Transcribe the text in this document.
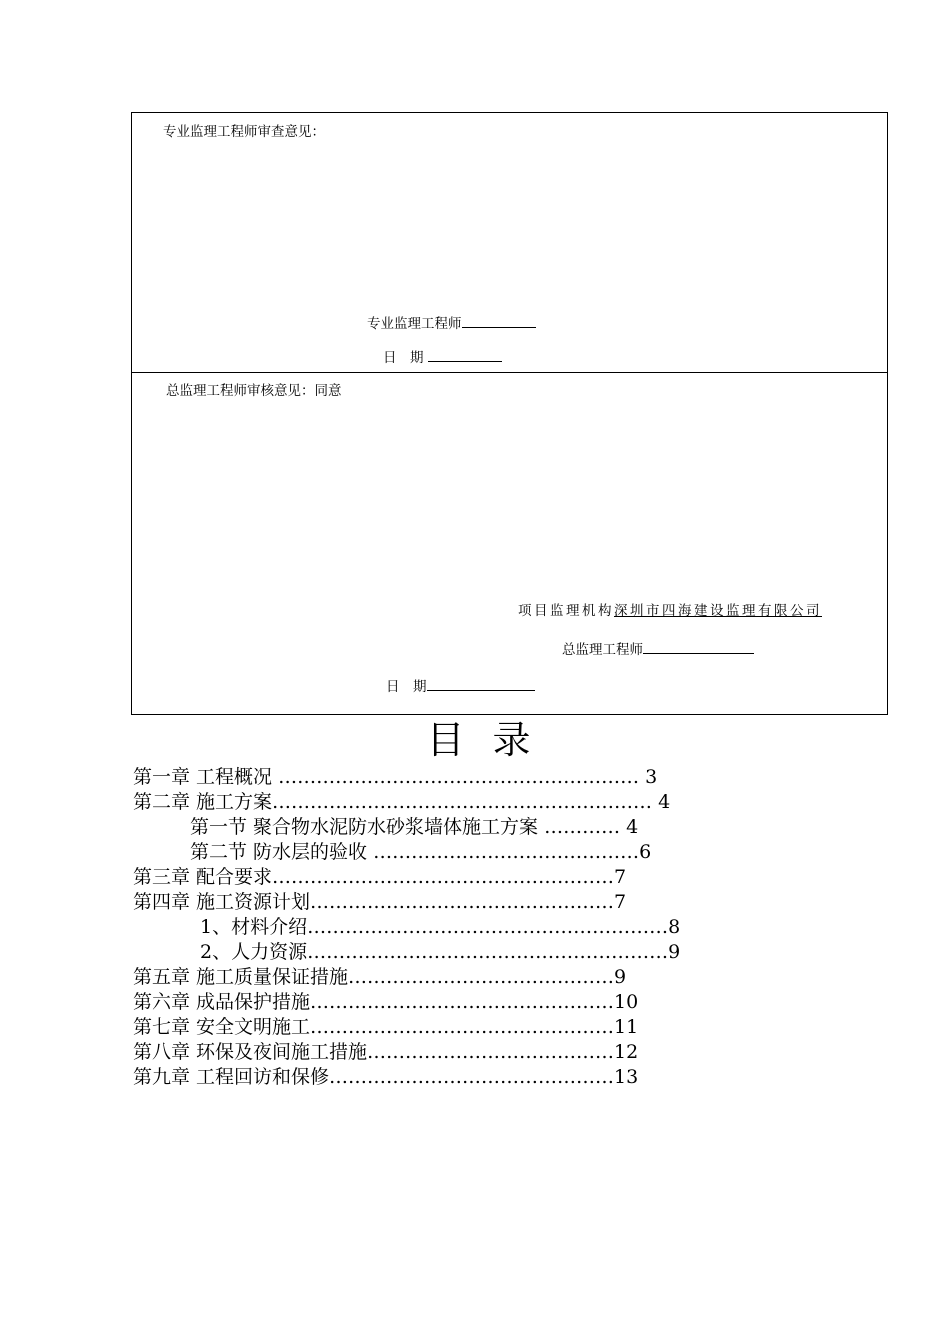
专业监理工程师审查意见：
专业监理工程师
日　期
总监理工程师审核意见：同意
项目监理机构深圳市四海建设监理有限公司
总监理工程师
日　期
目录
第一章 工程概况 ………………………………………………… 3
第二章 施工方案…………………………………………………… 4
第一节 聚合物水泥防水砂浆墙体施工方案 ………… 4
第二节 防水层的验收 ……………………………………6
第三章 配合要求………………………………………………7
第四章 施工资源计划…………………………………………7
1、材料介绍…………………………………………………8
2、人力资源…………………………………………………9
第五章 施工质量保证措施……………………………………9
第六章 成品保护措施…………………………………………10
第七章 安全文明施工…………………………………………11
第八章 环保及夜间施工措施…………………………………12
第九章 工程回访和保修………………………………………13
